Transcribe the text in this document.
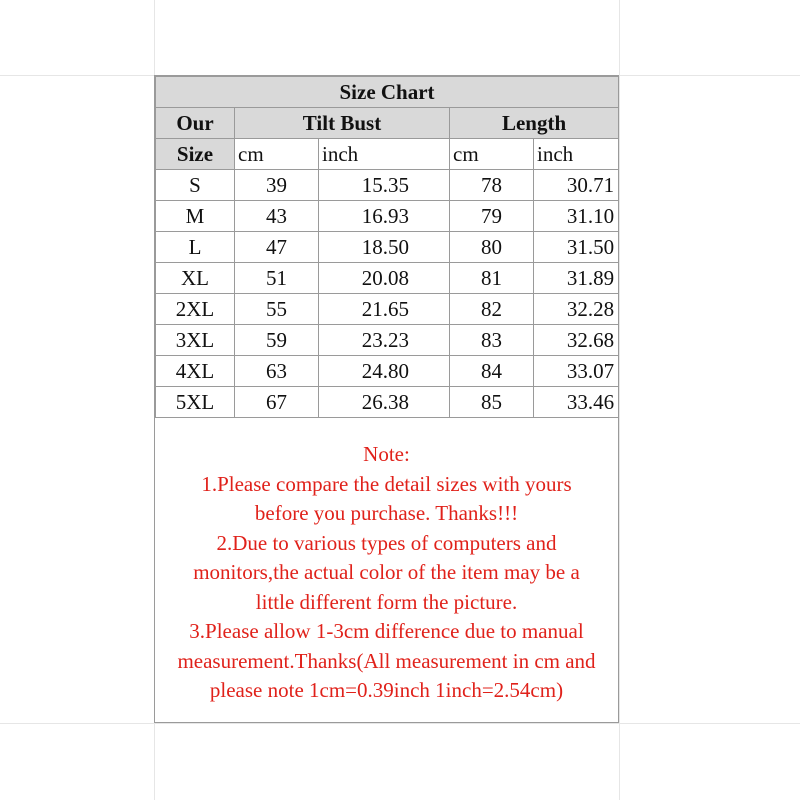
Size Chart				
Our	Tilt Bust		Length	
Size	cm	inch	cm	inch
S	39	15.35	78	30.71
M	43	16.93	79	31.10
L	47	18.50	80	31.50
XL	51	20.08	81	31.89
2XL	55	21.65	82	32.28
3XL	59	23.23	83	32.68
4XL	63	24.80	84	33.07
5XL	67	26.38	85	33.46
Note:
1.Please compare the detail sizes with yours
before you purchase. Thanks!!!
2.Due to various types of computers and
monitors,the actual color of the item may be a
little different form the picture.
3.Please allow 1-3cm difference due to manual
measurement.Thanks(All measurement in cm and
please note 1cm=0.39inch 1inch=2.54cm)
